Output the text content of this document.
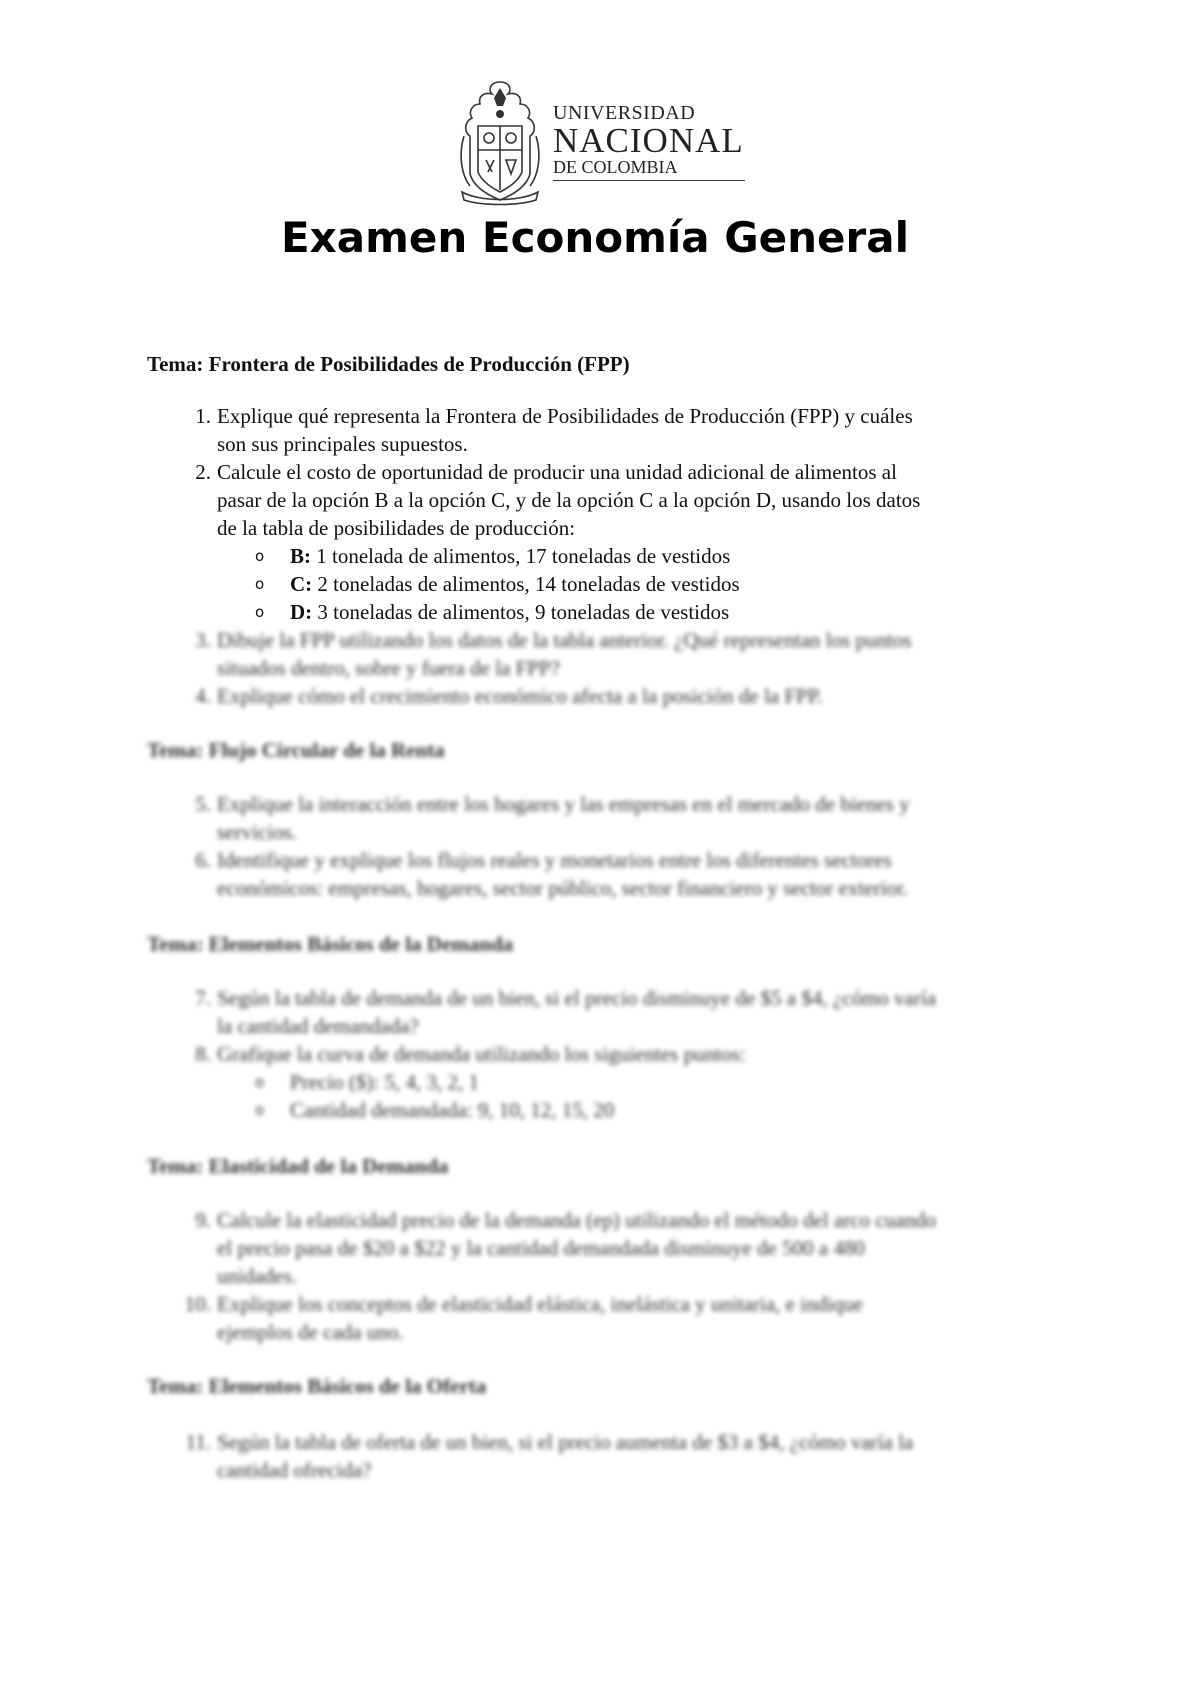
UNIVERSIDAD
NACIONAL
DE COLOMBIA
Examen Economía General
Tema: Frontera de Posibilidades de Producción (FPP)
1. Explique qué representa la Frontera de Posibilidades de Producción (FPP) y cuáles
son sus principales supuestos.
2. Calcule el costo de oportunidad de producir una unidad adicional de alimentos al
pasar de la opción B a la opción C, y de la opción C a la opción D, usando los datos
de la tabla de posibilidades de producción:
o B: 1 tonelada de alimentos, 17 toneladas de vestidos
o C: 2 toneladas de alimentos, 14 toneladas de vestidos
o D: 3 toneladas de alimentos, 9 toneladas de vestidos
3. Dibuje la FPP utilizando los datos de la tabla anterior. ¿Qué representan los puntos
situados dentro, sobre y fuera de la FPP?
4. Explique cómo el crecimiento económico afecta a la posición de la FPP.
Tema: Flujo Circular de la Renta
5. Explique la interacción entre los hogares y las empresas en el mercado de bienes y
servicios.
6. Identifique y explique los flujos reales y monetarios entre los diferentes sectores
económicos: empresas, hogares, sector público, sector financiero y sector exterior.
Tema: Elementos Básicos de la Demanda
7. Según la tabla de demanda de un bien, si el precio disminuye de $5 a $4, ¿cómo varía
la cantidad demandada?
8. Grafique la curva de demanda utilizando los siguientes puntos:
o Precio ($): 5, 4, 3, 2, 1
o Cantidad demandada: 9, 10, 12, 15, 20
Tema: Elasticidad de la Demanda
9. Calcule la elasticidad precio de la demanda (ep) utilizando el método del arco cuando
el precio pasa de $20 a $22 y la cantidad demandada disminuye de 500 a 480
unidades.
10. Explique los conceptos de elasticidad elástica, inelástica y unitaria, e indique
ejemplos de cada uno.
Tema: Elementos Básicos de la Oferta
11. Según la tabla de oferta de un bien, si el precio aumenta de $3 a $4, ¿cómo varía la
cantidad ofrecida?
